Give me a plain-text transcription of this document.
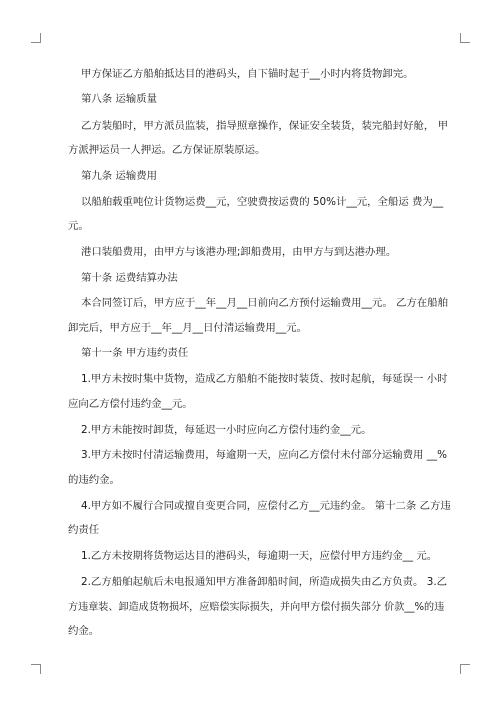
甲方保证乙方船舶抵达目的港码头，自下锚时起于__小时内将货物卸完。
第八条 运输质量
乙方装船时，甲方派员监装，指导照章操作，保证安全装货，装完船封好舱， 甲
方派押运员一人押运。乙方保证原装原运。
第九条 运输费用
以船舶载重吨位计货物运费__元，空驶费按运费的 50%计__元，全船运 费为__
元。
港口装船费用，由甲方与该港办理;卸船费用，由甲方与到达港办理。
第十条 运费结算办法
本合同签订后，甲方应于__年__月__日前向乙方预付运输费用__元。 乙方在船舶
卸完后，甲方应于__年__月__日付清运输费用__元。
第十一条 甲方违约责任
1.甲方未按时集中货物，造成乙方船舶不能按时装货、按时起航，每延误一 小时
应向乙方偿付违约金__元。
2.甲方未能按时卸货，每延迟一小时应向乙方偿付违约金__元。
3.甲方未按时付清运输费用，每逾期一天，应向乙方偿付未付部分运输费用 __%
的违约金。
4.甲方如不履行合同或擅自变更合同，应偿付乙方__元违约金。 第十二条 乙方违
约责任
1.乙方未按期将货物运达目的港码头，每逾期一天，应偿付甲方违约金__ 元。
2.乙方船舶起航后未电报通知甲方准备卸船时间，所造成损失由乙方负责。 3.乙
方违章装、卸造成货物损坏，应赔偿实际损失，并向甲方偿付损失部分 价款__%的违
约金。
